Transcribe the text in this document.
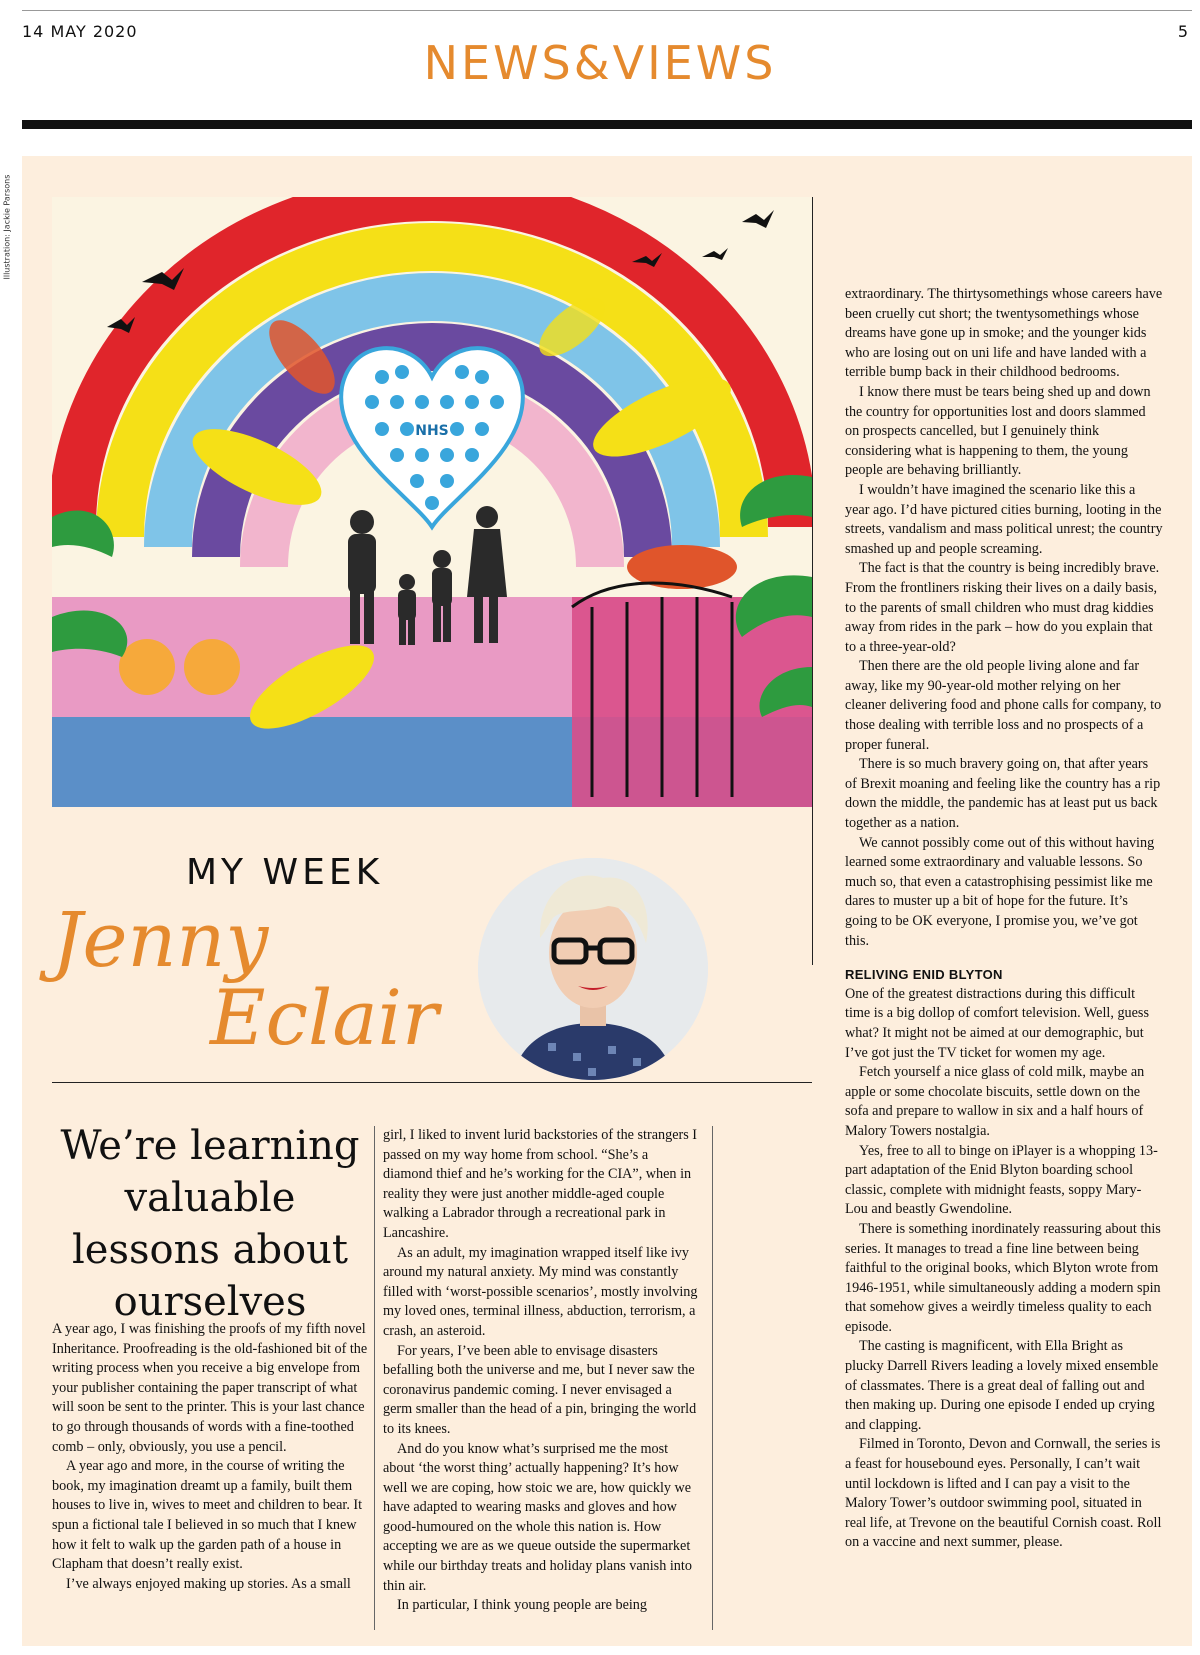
14 MAY 2020	5
NEWS&VIEWS
Illustration: Jackie Parsons
NHS
MY WEEK
Jenny
Eclair
We’re learning valuable lessons about ourselves

A year ago, I was finishing the proofs of my fifth novel Inheritance. Proofreading is the old-fashioned bit of the writing process when you receive a big envelope from your publisher containing the paper transcript of what will soon be sent to the printer. This is your last chance to go through thousands of words with a fine-toothed comb – only, obviously, you use a pencil.

A year ago and more, in the course of writing the book, my imagination dreamt up a family, built them houses to live in, wives to meet and children to bear. It spun a fictional tale I believed in so much that I knew how it felt to walk up the garden path of a house in Clapham that doesn’t really exist.

I’ve always enjoyed making up stories. As a small

girl, I liked to invent lurid backstories of the strangers I passed on my way home from school. “She’s a diamond thief and he’s working for the CIA”, when in reality they were just another middle-aged couple walking a Labrador through a recreational park in Lancashire.

As an adult, my imagination wrapped itself like ivy around my natural anxiety. My mind was constantly filled with ‘worst-possible scenarios’, mostly involving my loved ones, terminal illness, abduction, terrorism, a crash, an asteroid.

For years, I’ve been able to envisage disasters befalling both the universe and me, but I never saw the coronavirus pandemic coming. I never envisaged a germ smaller than the head of a pin, bringing the world to its knees.

And do you know what’s surprised me the most about ‘the worst thing’ actually happening? It’s how well we are coping, how stoic we are, how quickly we have adapted to wearing masks and gloves and how good-humoured on the whole this nation is. How accepting we are as we queue outside the supermarket while our birthday treats and holiday plans vanish into thin air.

In particular, I think young people are being

extraordinary. The thirtysomethings whose careers have been cruelly cut short; the twentysomethings whose dreams have gone up in smoke; and the younger kids who are losing out on uni life and have landed with a terrible bump back in their childhood bedrooms.

I know there must be tears being shed up and down the country for opportunities lost and doors slammed on prospects cancelled, but I genuinely think considering what is happening to them, the young people are behaving brilliantly.

I wouldn’t have imagined the scenario like this a year ago. I’d have pictured cities burning, looting in the streets, vandalism and mass political unrest; the country smashed up and people screaming.

The fact is that the country is being incredibly brave. From the frontliners risking their lives on a daily basis, to the parents of small children who must drag kiddies away from rides in the park – how do you explain that to a three-year-old?

Then there are the old people living alone and far away, like my 90-year-old mother relying on her cleaner delivering food and phone calls for company, to those dealing with terrible loss and no prospects of a proper funeral.

There is so much bravery going on, that after years of Brexit moaning and feeling like the country has a rip down the middle, the pandemic has at least put us back together as a nation.

We cannot possibly come out of this without having learned some extraordinary and valuable lessons. So much so, that even a catastrophising pessimist like me dares to muster up a bit of hope for the future. It’s going to be OK everyone, I promise you, we’ve got this.

RELIVING ENID BLYTON

One of the greatest distractions during this difficult time is a big dollop of comfort television. Well, guess what? It might not be aimed at our demographic, but I’ve got just the TV ticket for women my age.

Fetch yourself a nice glass of cold milk, maybe an apple or some chocolate biscuits, settle down on the sofa and prepare to wallow in six and a half hours of Malory Towers nostalgia.

Yes, free to all to binge on iPlayer is a whopping 13-part adaptation of the Enid Blyton boarding school classic, complete with midnight feasts, soppy Mary-Lou and beastly Gwendoline.

There is something inordinately reassuring about this series. It manages to tread a fine line between being faithful to the original books, which Blyton wrote from 1946-1951, while simultaneously adding a modern spin that somehow gives a weirdly timeless quality to each episode.

The casting is magnificent, with Ella Bright as plucky Darrell Rivers leading a lovely mixed ensemble of classmates. There is a great deal of falling out and then making up. During one episode I ended up crying and clapping.

Filmed in Toronto, Devon and Cornwall, the series is a feast for housebound eyes. Personally, I can’t wait until lockdown is lifted and I can pay a visit to the Malory Tower’s outdoor swimming pool, situated in real life, at Trevone on the beautiful Cornish coast. Roll on a vaccine and next summer, please.
